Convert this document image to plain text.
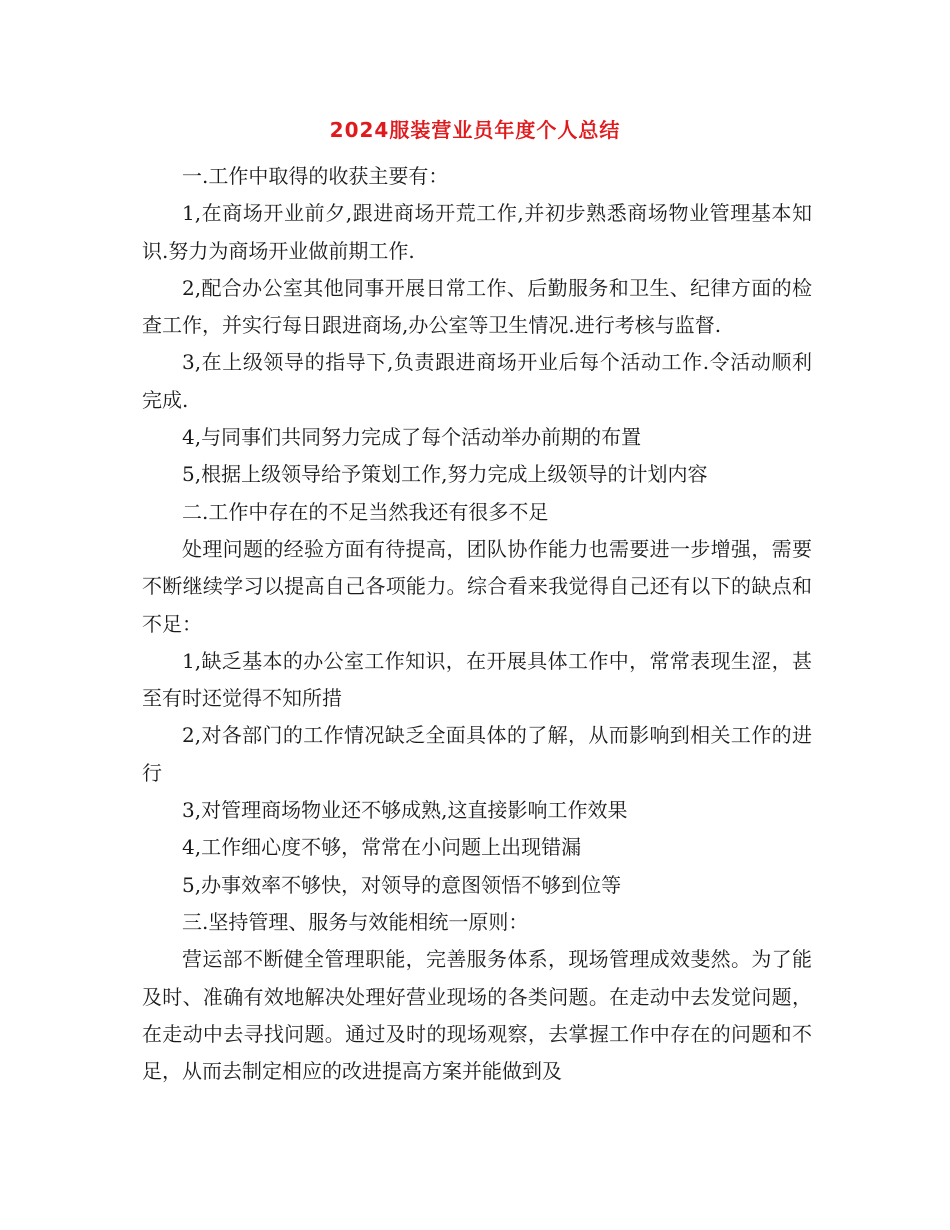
2024服装营业员年度个人总结

一.工作中取得的收获主要有：

1,在商场开业前夕,跟进商场开荒工作,并初步熟悉商场物业管理基本知识.努力为商场开业做前期工作.

2,配合办公室其他同事开展日常工作、后勤服务和卫生、纪律方面的检查工作，并实行每日跟进商场,办公室等卫生情况.进行考核与监督.

3,在上级领导的指导下,负责跟进商场开业后每个活动工作.令活动顺利完成.

4,与同事们共同努力完成了每个活动举办前期的布置

5,根据上级领导给予策划工作,努力完成上级领导的计划内容

二.工作中存在的不足当然我还有很多不足

处理问题的经验方面有待提高，团队协作能力也需要进一步增强，需要不断继续学习以提高自己各项能力。综合看来我觉得自己还有以下的缺点和不足：

1,缺乏基本的办公室工作知识，在开展具体工作中，常常表现生涩，甚至有时还觉得不知所措

2,对各部门的工作情况缺乏全面具体的了解，从而影响到相关工作的进行

3,对管理商场物业还不够成熟,这直接影响工作效果

4,工作细心度不够，常常在小问题上出现错漏

5,办事效率不够快，对领导的意图领悟不够到位等

三.坚持管理、服务与效能相统一原则：

营运部不断健全管理职能，完善服务体系，现场管理成效斐然。为了能及时、准确有效地解决处理好营业现场的各类问题。在走动中去发觉问题，在走动中去寻找问题。通过及时的现场观察，去掌握工作中存在的问题和不足，从而去制定相应的改进提高方案并能做到及
